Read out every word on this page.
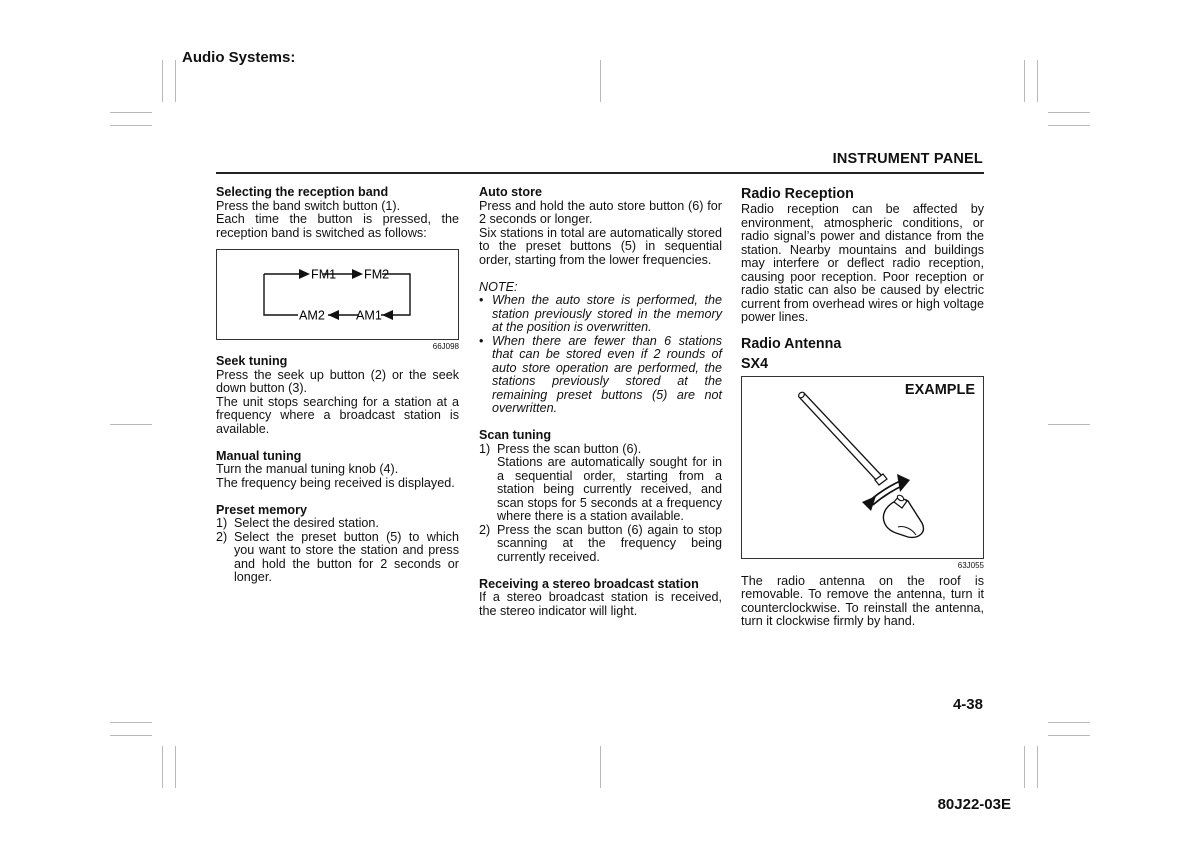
Audio Systems:
INSTRUMENT PANEL

Selecting the reception band

Press the band switch button (1).

Each time the button is pressed, the reception band is switched as follows:

FM1 FM2
AM2 AM1
66J098

Seek tuning

Press the seek up button (2) or the seek down button (3).

The unit stops searching for a station at a frequency where a broadcast station is available.

Manual tuning

Turn the manual tuning knob (4).

The frequency being received is displayed.

Preset memory

1) Select the desired station.
2) Select the preset button (5) to which you want to store the station and press and hold the button for 2 seconds or longer.

Auto store

Press and hold the auto store button (6) for 2 seconds or longer.

Six stations in total are automatically stored to the preset buttons (5) in sequential order, starting from the lower frequencies.

NOTE:

• When the auto store is performed, the station previously stored in the memory at the position is overwritten.
• When there are fewer than 6 stations that can be stored even if 2 rounds of auto store operation are performed, the stations previously stored at the remaining preset buttons (5) are not overwritten.

Scan tuning

1) Press the scan button (6).

Stations are automatically sought for in a sequential order, starting from a station being currently received, and scan stops for 5 seconds at a frequency where there is a station available.

2) Press the scan button (6) again to stop scanning at the frequency being currently received.

Receiving a stereo broadcast station

If a stereo broadcast station is received, the stereo indicator will light.

Radio Reception

Radio reception can be affected by environment, atmospheric conditions, or radio signal’s power and distance from the station. Nearby mountains and buildings may interfere or deflect radio reception, causing poor reception. Poor reception or radio static can also be caused by electric current from overhead wires or high voltage power lines.

Radio Antenna

SX4

EXAMPLE
63J055

The radio antenna on the roof is removable. To remove the antenna, turn it counterclockwise. To reinstall the antenna, turn it clockwise firmly by hand.

4-38
80J22-03E
